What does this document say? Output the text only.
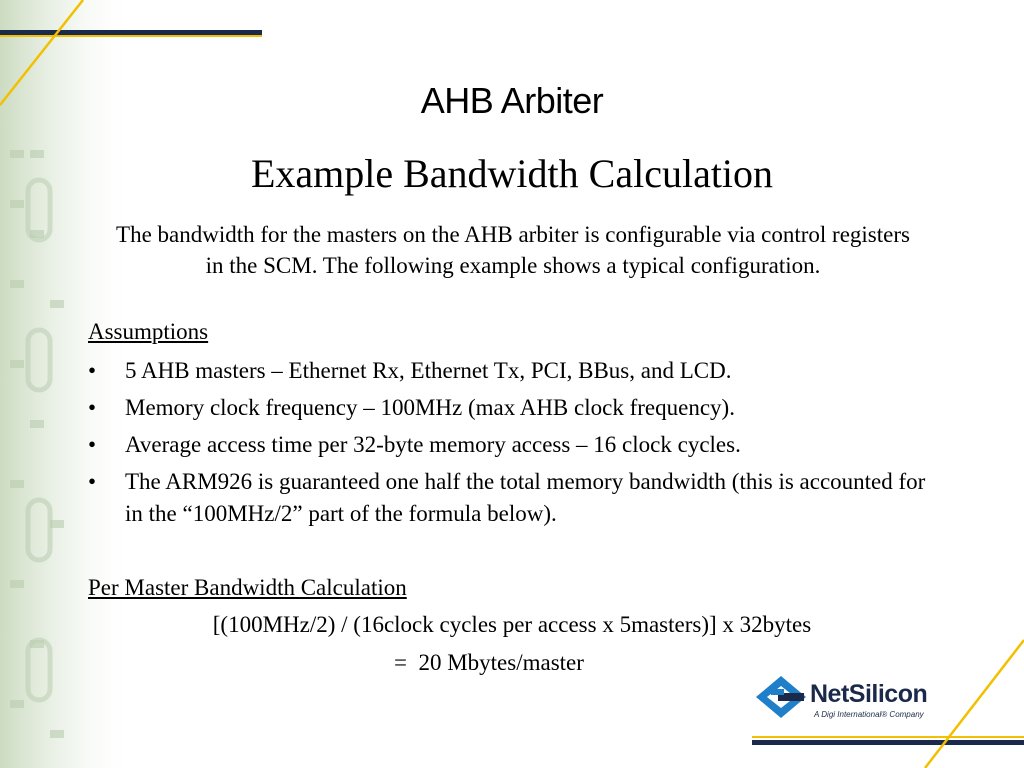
AHB Arbiter
Example Bandwidth Calculation
The bandwidth for the masters on the AHB arbiter is configurable via control registers in the SCM. The following example shows a typical configuration.
Assumptions
• 5 AHB masters – Ethernet Rx, Ethernet Tx, PCI, BBus, and LCD.
• Memory clock frequency – 100MHz (max AHB clock frequency).
• Average access time per 32-byte memory access – 16 clock cycles.
• The ARM926 is guaranteed one half the total memory bandwidth (this is accounted for in the “100MHz/2” part of the formula below).
Per Master Bandwidth Calculation
[(100MHz/2) / (16clock cycles per access x 5masters)] x 32bytes
=  20 Mbytes/master
NetSilicon
A Digi International® Company
